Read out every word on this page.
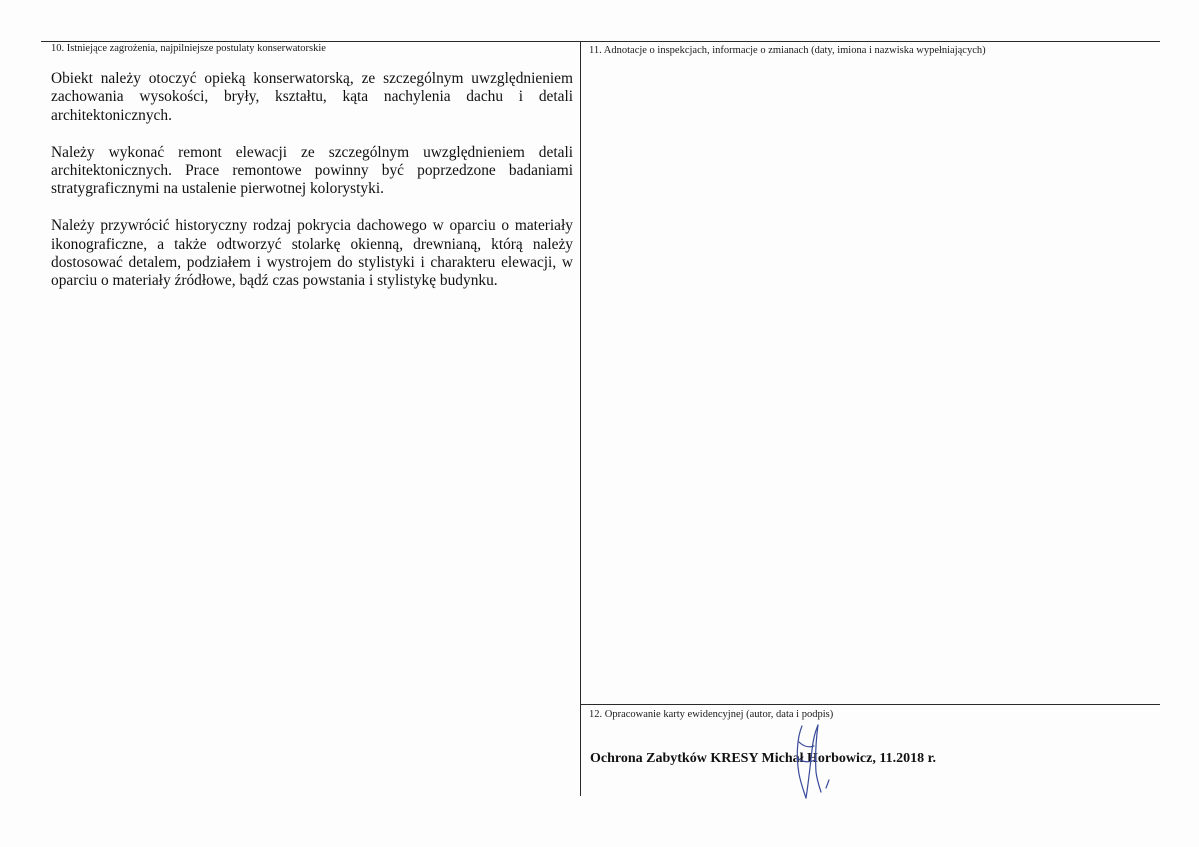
10. Istniejące zagrożenia, najpilniejsze postulaty konserwatorskie

Obiekt należy otoczyć opieką konserwatorską, ze szczególnym uwzględnieniem zachowania wysokości, bryły, kształtu, kąta nachylenia dachu i detali architektonicznych.

Należy wykonać remont elewacji ze szczególnym uwzględnieniem detali architektonicznych. Prace remontowe powinny być poprzedzone badaniami stratygraficznymi na ustalenie pierwotnej kolorystyki.

Należy przywrócić historyczny rodzaj pokrycia dachowego w oparciu o materiały ikonograficzne, a także odtworzyć stolarkę okienną, drewnianą, którą należy dostosować detalem, podziałem i wystrojem do stylistyki i charakteru elewacji, w oparciu o materiały źródłowe, bądź czas powstania i stylistykę budynku.

11. Adnotacje o inspekcjach, informacje o zmianach (daty, imiona i nazwiska wypełniających)
12. Opracowanie karty ewidencyjnej (autor, data i podpis)
Ochrona Zabytków KRESY Michał Horbowicz, 11.2018 r.
